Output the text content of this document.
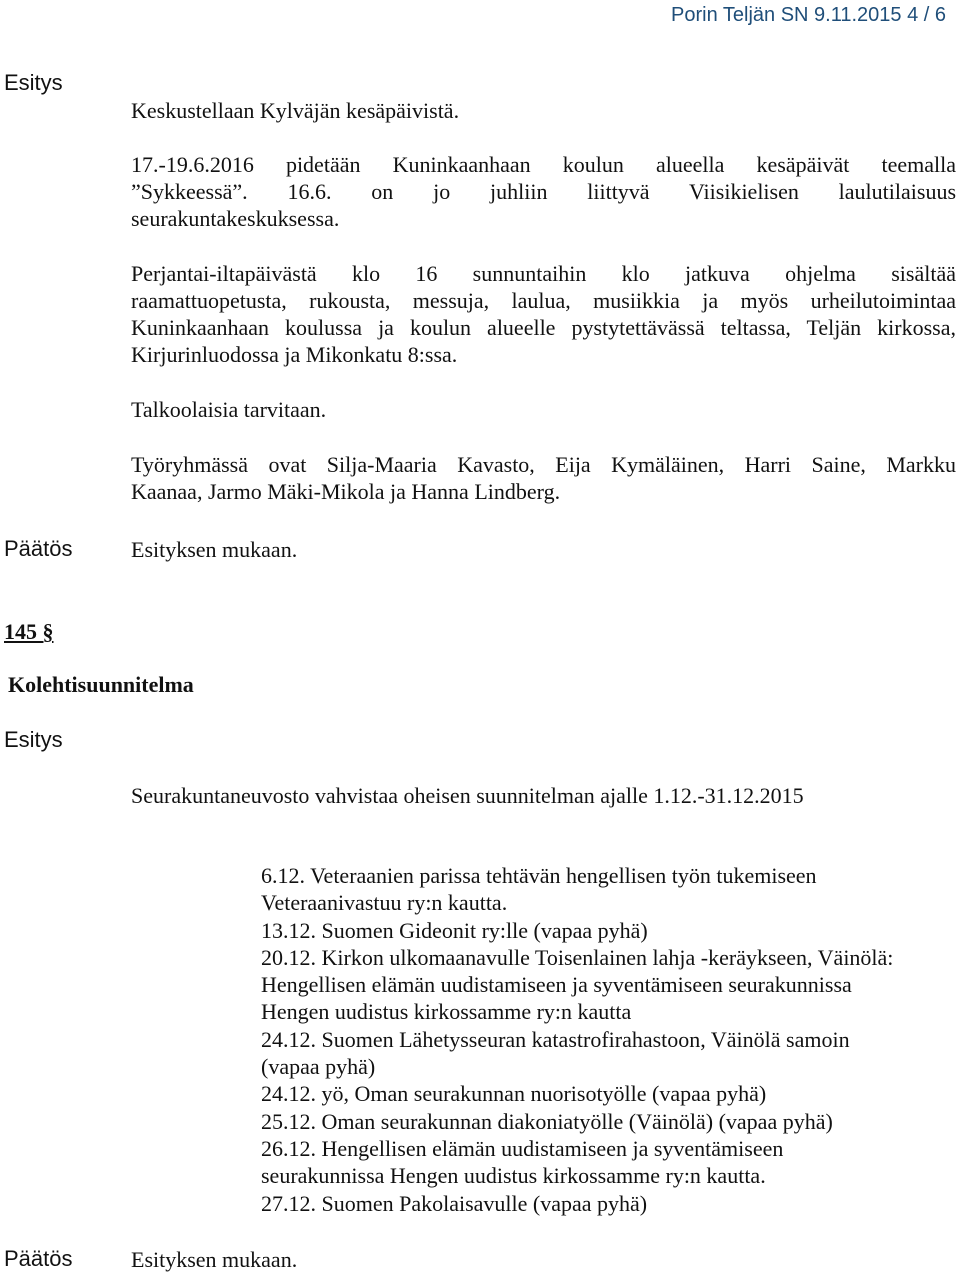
Porin Teljän SN 9.11.2015 4 / 6
Esitys
Keskustellaan Kylväjän kesäpäivistä.
17.-19.6.2016 pidetään Kuninkaanhaan koulun alueella kesäpäivät teemalla
”Sykkeessä”. 16.6. on jo juhliin liittyvä Viisikielisen laulutilaisuus
seurakuntakeskuksessa.
Perjantai-iltapäivästä klo 16 sunnuntaihin klo jatkuva ohjelma sisältää
raamattuopetusta, rukousta, messuja, laulua, musiikkia ja myös urheilutoimintaa
Kuninkaanhaan koulussa ja koulun alueelle pystytettävässä teltassa, Teljän kirkossa,
Kirjurinluodossa ja Mikonkatu 8:ssa.
Talkoolaisia tarvitaan.
Työryhmässä ovat Silja-Maaria Kavasto, Eija Kymäläinen, Harri Saine, Markku
Kaanaa, Jarmo Mäki-Mikola ja Hanna Lindberg.
Päätös	Esityksen mukaan.
145 §
Kolehtisuunnitelma
Esitys
Seurakuntaneuvosto vahvistaa oheisen suunnitelman ajalle 1.12.-31.12.2015
6.12. Veteraanien parissa tehtävän hengellisen työn tukemiseen
Veteraanivastuu ry:n kautta.
13.12. Suomen Gideonit ry:lle (vapaa pyhä)
20.12. Kirkon ulkomaanavulle Toisenlainen lahja -keräykseen, Väinölä:
Hengellisen elämän uudistamiseen ja syventämiseen seurakunnissa
Hengen uudistus kirkossamme ry:n kautta
24.12. Suomen Lähetysseuran katastrofirahastoon, Väinölä samoin
(vapaa pyhä)
24.12. yö, Oman seurakunnan nuorisotyölle (vapaa pyhä)
25.12. Oman seurakunnan diakoniatyölle (Väinölä) (vapaa pyhä)
26.12. Hengellisen elämän uudistamiseen ja syventämiseen
seurakunnissa Hengen uudistus kirkossamme ry:n kautta.
27.12. Suomen Pakolaisavulle (vapaa pyhä)
Päätös	Esityksen mukaan.
